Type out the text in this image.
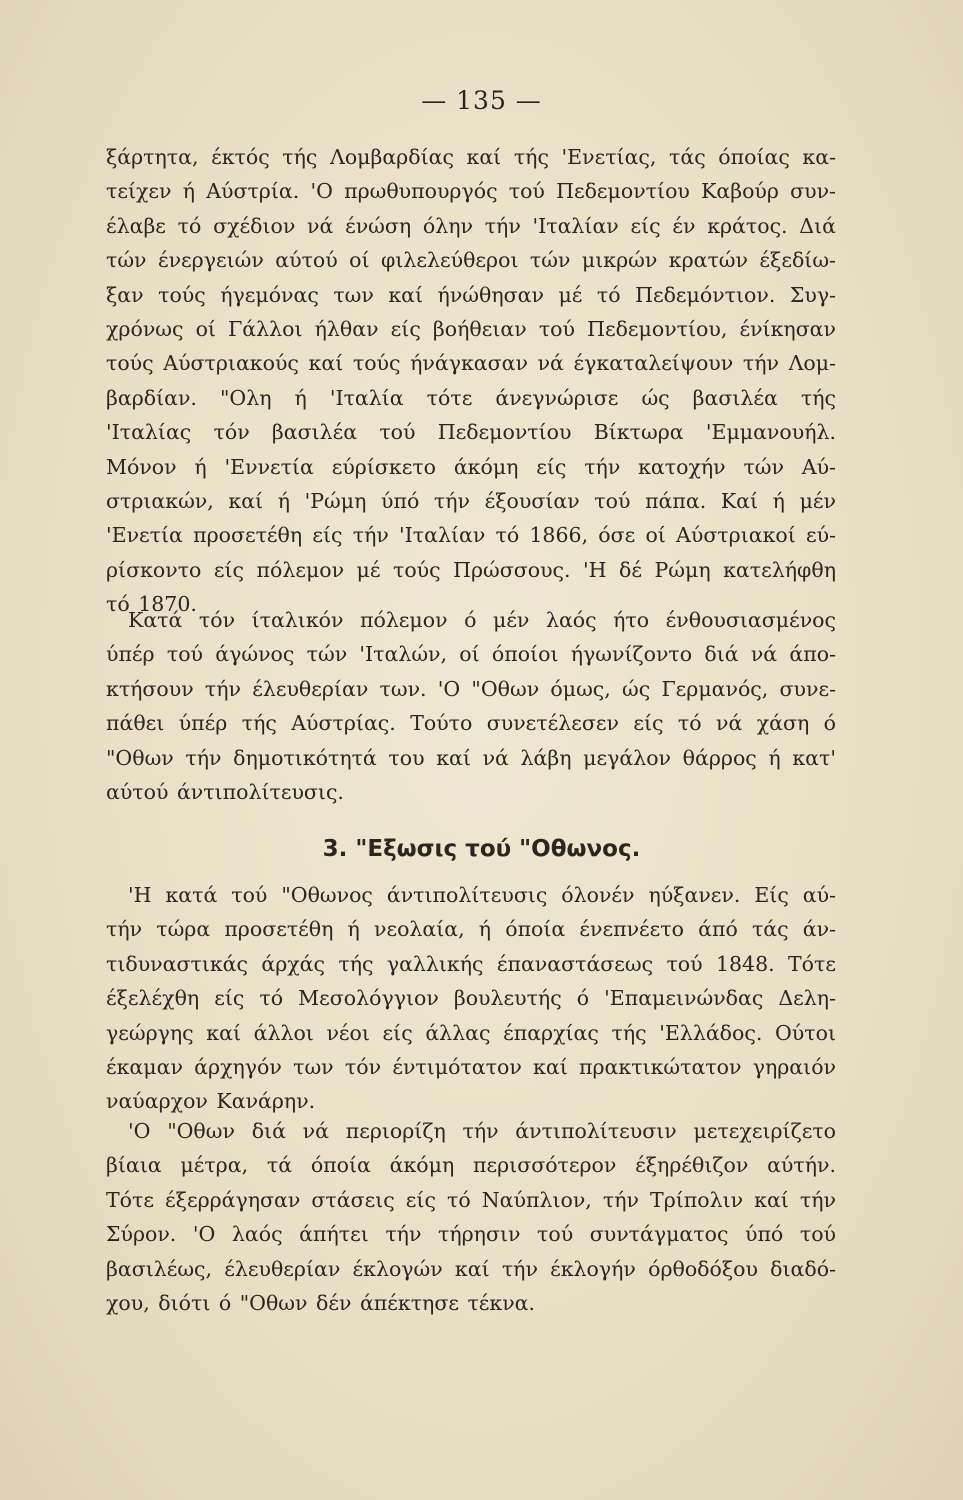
— 135 —
ξάρτητα, έκτός τής Λομβαρδίας καί τής 'Ενετίας, τάς όποίας κα-
τείχεν ή Αύστρία. 'Ο πρωθυπουργός τού Πεδεμοντίου Καβούρ συν-
έλαβε τό σχέδιον νά ένώση όλην τήν 'Ιταλίαν είς έν κράτος. Διά
τών ένεργειών αύτού οί φιλελεύθεροι τών μικρών κρατών έξεδίω-
ξαν τούς ήγεμόνας των καί ήνώθησαν μέ τό Πεδεμόντιον. Συγ-
χρόνως οί Γάλλοι ήλθαν είς βοήθειαν τού Πεδεμοντίου, ένίκησαν
τούς Αύστριακούς καί τούς ήνάγκασαν νά έγκαταλείψουν τήν Λομ-
βαρδίαν. "Ολη ή 'Ιταλία τότε άνεγνώρισε ώς βασιλέα τής
'Ιταλίας τόν βασιλέα τού Πεδεμοντίου Βίκτωρα 'Εμμανουήλ.
Μόνον ή 'Εννετία εύρίσκετο άκόμη είς τήν κατοχήν τών Αύ-
στριακών, καί ή 'Ρώμη ύπό τήν έξουσίαν τού πάπα. Καί ή μέν
'Ενετία προσετέθη είς τήν 'Ιταλίαν τό 1866, όσε οί Αύστριακοί εύ-
ρίσκοντο είς πόλεμον μέ τούς Πρώσσους. 'Η δέ Ρώμη κατελήφθη
τό 1870.
Κατά τόν ίταλικόν πόλεμον ό μέν λαός ήτο ένθουσιασμένος
ύπέρ τού άγώνος τών 'Ιταλών, οί όποίοι ήγωνίζοντο διά νά άπο-
κτήσουν τήν έλευθερίαν των. 'Ο "Οθων όμως, ώς Γερμανός, συνε-
πάθει ύπέρ τής Αύστρίας. Τούτο συνετέλεσεν είς τό νά χάση ό
"Οθων τήν δημοτικότητά του καί νά λάβη μεγάλον θάρρος ή κατ'
αύτού άντιπολίτευσις.
3. "Εξωσις τού "Οθωνος.
'Η κατά τού "Οθωνος άντιπολίτευσις όλονέν ηύξανεν. Είς αύ-
τήν τώρα προσετέθη ή νεολαία, ή όποία ένεπνέετο άπό τάς άν-
τιδυναστικάς άρχάς τής γαλλικής έπαναστάσεως τού 1848. Τότε
έξελέχθη είς τό Μεσολόγγιον βουλευτής ό 'Επαμεινώνδας Δελη-
γεώργης καί άλλοι νέοι είς άλλας έπαρχίας τής 'Ελλάδος. Ούτοι
έκαμαν άρχηγόν των τόν έντιμότατον καί πρακτικώτατον γηραιόν
ναύαρχον Κανάρην.
'Ο "Οθων διά νά περιορίζη τήν άντιπολίτευσιν μετεχειρίζετο
βίαια μέτρα, τά όποία άκόμη περισσότερον έξηρέθιζον αύτήν.
Τότε έξερράγησαν στάσεις είς τό Ναύπλιον, τήν Τρίπολιν καί τήν
Σύρον. 'Ο λαός άπήτει τήν τήρησιν τού συντάγματος ύπό τού
βασιλέως, έλευθερίαν έκλογών καί τήν έκλογήν όρθοδόξου διαδό-
χου, διότι ό "Οθων δέν άπέκτησε τέκνα.
